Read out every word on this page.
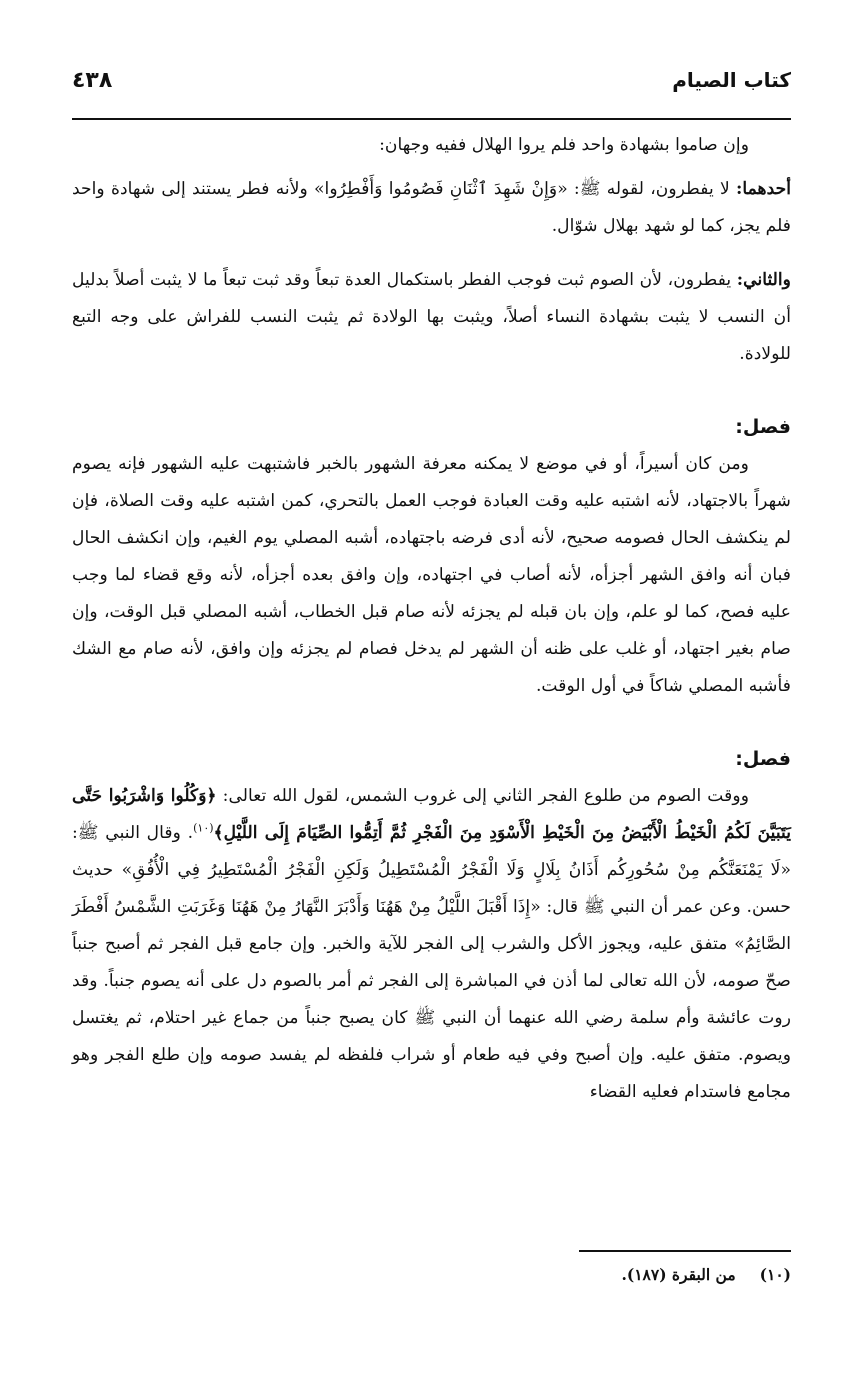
كتاب الصيام
٤٣٨

وإن صاموا بشهادة واحد فلم يروا الهلال ففيه وجهان:

أحدهما: لا يفطرون، لقوله ﷺ: «وَإِنْ شَهِدَ ٱثْنَانِ فَصُومُوا وَأَفْطِرُوا» ولأنه فطر يستند إلى شهادة واحد فلم يجز، كما لو شهد بهلال شوّال.

والثاني: يفطرون، لأن الصوم ثبت فوجب الفطر باستكمال العدة تبعاً وقد ثبت تبعاً ما لا يثبت أصلاً بدليل أن النسب لا يثبت بشهادة النساء أصلاً، ويثبت بها الولادة ثم يثبت النسب للفراش على وجه التبع للولادة.

فصل:

ومن كان أسيراً، أو في موضع لا يمكنه معرفة الشهور بالخبر فاشتبهت عليه الشهور فإنه يصوم شهراً بالاجتهاد، لأنه اشتبه عليه وقت العبادة فوجب العمل بالتحري، كمن اشتبه عليه وقت الصلاة، فإن لم ينكشف الحال فصومه صحيح، لأنه أدى فرضه باجتهاده، أشبه المصلي يوم الغيم، وإن انكشف الحال فبان أنه وافق الشهر أجزأه، لأنه أصاب في اجتهاده، وإن وافق بعده أجزأه، لأنه وقع قضاء لما وجب عليه فصح، كما لو علم، وإن بان قبله لم يجزئه لأنه صام قبل الخطاب، أشبه المصلي قبل الوقت، وإن صام بغير اجتهاد، أو غلب على ظنه أن الشهر لم يدخل فصام لم يجزئه وإن وافق، لأنه صام مع الشك فأشبه المصلي شاكاً في أول الوقت.

فصل:

ووقت الصوم من طلوع الفجر الثاني إلى غروب الشمس، لقول الله تعالى: ﴿وَكُلُوا وَاشْرَبُوا حَتَّى يَتَبَيَّنَ لَكُمُ الْخَيْطُ الْأَبْيَضُ مِنَ الْخَيْطِ الْأَسْوَدِ مِنَ الْفَجْرِ ثُمَّ أَتِمُّوا الصِّيَامَ إِلَى اللَّيْلِ﴾$^{(١٠)}$. وقال النبي ﷺ: «لَا يَمْنَعَنَّكُم مِنْ سُحُورِكُم أَذَانُ بِلَالٍ وَلَا الْفَجْرُ الْمُسْتَطِيلُ وَلَكِنِ الْفَجْرُ الْمُسْتَطِيرُ فِي الْأُفُقِ» حديث حسن. وعن عمر أن النبي ﷺ قال: «إِذَا أَقْبَلَ اللَّيْلُ مِنْ هَهُنَا وَأَدْبَرَ النَّهَارُ مِنْ هَهُنَا وَغَرَبَتِ الشَّمْسُ أَفْطَرَ الصَّائِمُ» متفق عليه، ويجوز الأكل والشرب إلى الفجر للآية والخبر. وإن جامع قبل الفجر ثم أصبح جنباً صحّ صومه، لأن الله تعالى لما أذن في المباشرة إلى الفجر ثم أمر بالصوم دل على أنه يصوم جنباً. وقد روت عائشة وأم سلمة رضي الله عنهما أن النبي ﷺ كان يصبح جنباً من جماع غير احتلام، ثم يغتسل ويصوم. متفق عليه. وإن أصبح وفي فيه طعام أو شراب فلفظه لم يفسد صومه وإن طلع الفجر وهو مجامع فاستدام فعليه القضاء

(١٠)من البقرة (١٨٧).
